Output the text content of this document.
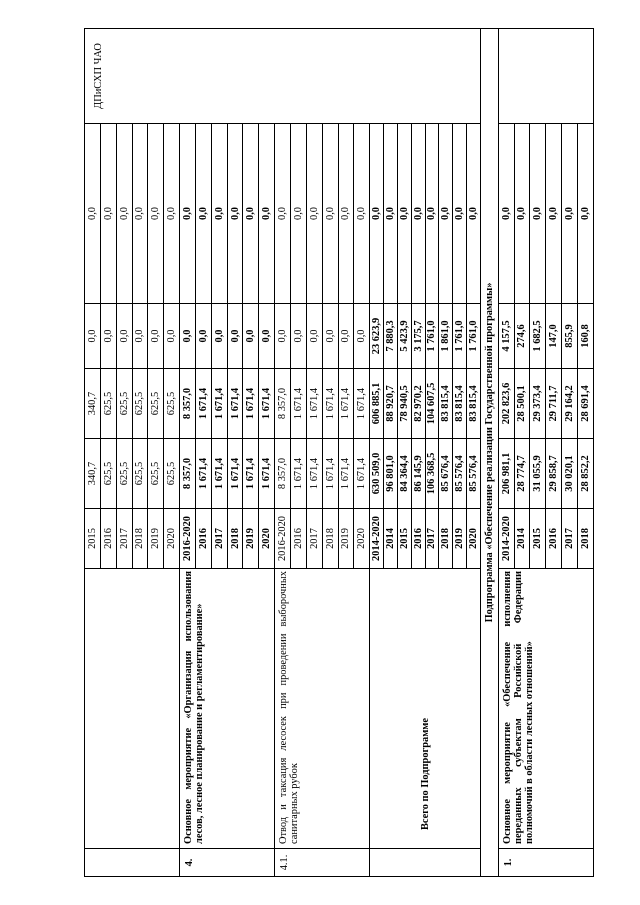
		2015	340,7	340,7	0,0	0,0	ДПиСХП ЧАО
		2016	625,5	625,5	0,0	0,0	
		2017	625,5	625,5	0,0	0,0	
		2018	625,5	625,5	0,0	0,0	
		2019	625,5	625,5	0,0	0,0	
		2020	625,5	625,5	0,0	0,0	
4.	Основное мероприятие «Организация использования лесов, лесное планирование и регламентирование»	2016-2020	8 357,0	8 357,0	0,0	0,0	
		2016	1 671,4	1 671,4	0,0	0,0	
		2017	1 671,4	1 671,4	0,0	0,0	
		2018	1 671,4	1 671,4	0,0	0,0	
		2019	1 671,4	1 671,4	0,0	0,0	
		2020	1 671,4	1 671,4	0,0	0,0	
4.1.	Отвод и таксация лесосек при проведении выборочных санитарных рубок	2016-2020	8 357,0	8 357,0	0,0	0,0	
		2016	1 671,4	1 671,4	0,0	0,0	
		2017	1 671,4	1 671,4	0,0	0,0	
		2018	1 671,4	1 671,4	0,0	0,0	
		2019	1 671,4	1 671,4	0,0	0,0	
		2020	1 671,4	1 671,4	0,0	0,0	
	Всего по Подпрограмме	2014-2020	630 509,0	606 885,1	23 623,9	0,0	
		2014	96 801,0	88 920,7	7 880,3	0,0	
		2015	84 364,4	78 940,5	5 423,9	0,0	
		2016	86 145,9	82 970,2	3 175,7	0,0	
		2017	106 368,5	104 607,5	1 761,0	0,0	
		2018	85 676,4	83 815,4	1 861,0	0,0	
		2019	85 576,4	83 815,4	1 761,0	0,0	
		2020	85 576,4	83 815,4	1 761,0	0,0	
Подпрограмма «Обеспечение реализации Государственной программы»							
1.	Основное мероприятие «Обеспечение исполнения переданных субъектам Российской Федерации полномочий в области лесных отношений»	2014-2020	206 981,1	202 823,6	4 157,5	0,0	
		2014	28 774,7	28 500,1	274,6	0,0	
		2015	31 055,9	29 373,4	1 682,5	0,0	
		2016	29 858,7	29 711,7	147,0	0,0	
		2017	30 020,1	29 164,2	855,9	0,0	
		2018	28 852,2	28 691,4	160,8	0,0	
